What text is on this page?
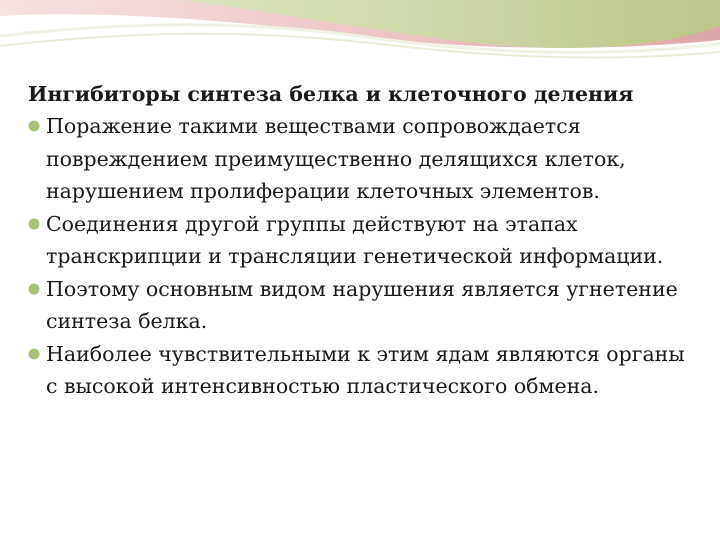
Ингибиторы синтеза белка и клеточного деления
Поражение такими веществами сопровождается повреждением преимущественно делящихся клеток, нарушением пролиферации клеточных элементов.
Соединения другой группы действуют на этапах транскрипции и трансляции генетической информации.
Поэтому основным видом нарушения является угнетение синтеза белка.
Наиболее чувствительными к этим ядам являются органы с высокой интенсивностью пластического обмена.
